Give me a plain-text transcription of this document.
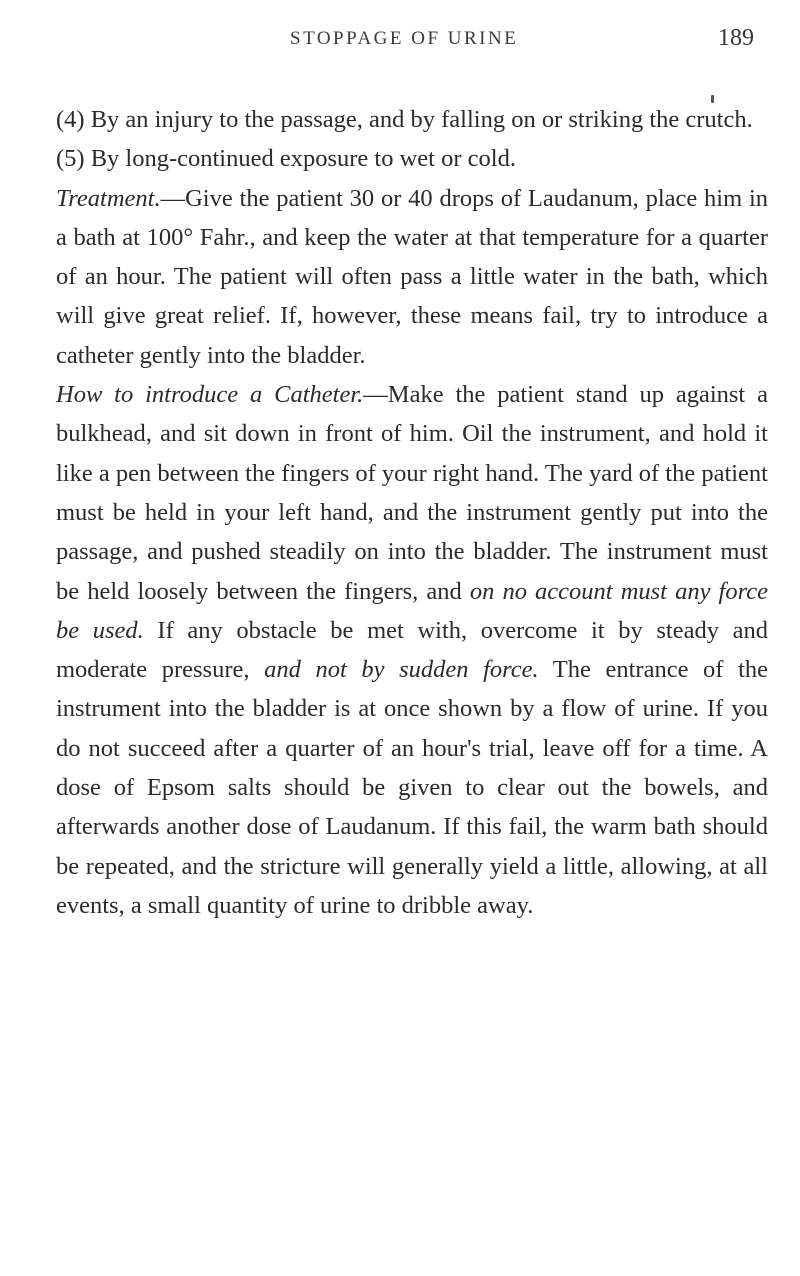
STOPPAGE OF URINE	189

(4) By an injury to the passage, and by falling on or striking the crutch.

(5) By long-continued exposure to wet or cold.

Treatment.—Give the patient 30 or 40 drops of Laudanum, place him in a bath at 100° Fahr., and keep the water at that temperature for a quarter of an hour. The patient will often pass a little water in the bath, which will give great relief. If, however, these means fail, try to introduce a catheter gently into the bladder.

How to introduce a Catheter.—Make the patient stand up against a bulkhead, and sit down in front of him. Oil the instrument, and hold it like a pen between the fingers of your right hand. The yard of the patient must be held in your left hand, and the instrument gently put into the passage, and pushed steadily on into the bladder. The instrument must be held loosely between the fingers, and on no account must any force be used. If any obstacle be met with, overcome it by steady and moderate pressure, and not by sudden force. The entrance of the instrument into the bladder is at once shown by a flow of urine. If you do not succeed after a quarter of an hour's trial, leave off for a time. A dose of Epsom salts should be given to clear out the bowels, and afterwards another dose of Laudanum. If this fail, the warm bath should be repeated, and the stricture will generally yield a little, allowing, at all events, a small quantity of urine to dribble away.
